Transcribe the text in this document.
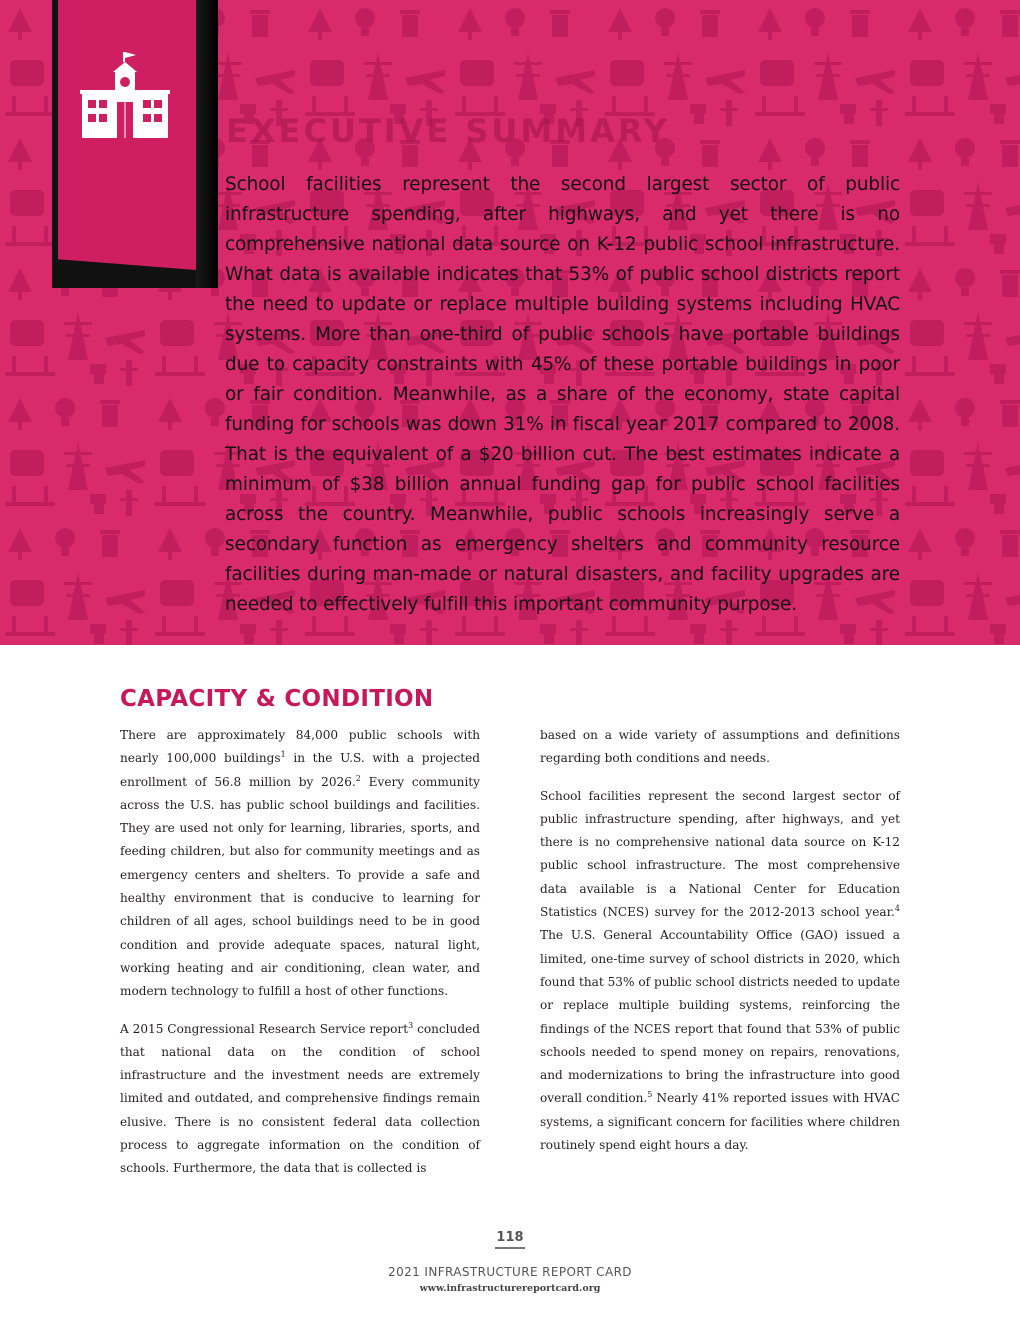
EXECUTIVE SUMMARY

School facilities represent the second largest sector of public infrastructure spending, after highways, and yet there is no comprehensive national data source on K-12 public school infrastructure. What data is available indicates that 53% of public school districts report the need to update or replace multiple building systems including HVAC systems. More than one-third of public schools have portable buildings due to capacity constraints with 45% of these portable buildings in poor or fair condition. Meanwhile, as a share of the economy, state capital funding for schools was down 31% in fiscal year 2017 compared to 2008. That is the equivalent of a $20 billion cut. The best estimates indicate a minimum of $38 billion annual funding gap for public school facilities across the country. Meanwhile, public schools increasingly serve a secondary function as emergency shelters and community resource facilities during man-made or natural disasters, and facility upgrades are needed to effectively fulfill this important community purpose.

CAPACITY & CONDITION

There are approximately 84,000 public schools with nearly 100,000 buildings$^1$ in the U.S. with a projected enrollment of 56.8 million by 2026.$^2$ Every community across the U.S. has public school buildings and facilities. They are used not only for learning, libraries, sports, and feeding children, but also for community meetings and as emergency centers and shelters. To provide a safe and healthy environment that is conducive to learning for children of all ages, school buildings need to be in good condition and provide adequate spaces, natural light, working heating and air conditioning, clean water, and modern technology to fulfill a host of other functions.

A 2015 Congressional Research Service report$^3$ concluded that national data on the condition of school infrastructure and the investment needs are extremely limited and outdated, and comprehensive findings remain elusive. There is no consistent federal data collection process to aggregate information on the condition of schools. Furthermore, the data that is collected is

based on a wide variety of assumptions and definitions regarding both conditions and needs.

School facilities represent the second largest sector of public infrastructure spending, after highways, and yet there is no comprehensive national data source on K-12 public school infrastructure. The most comprehensive data available is a National Center for Education Statistics (NCES) survey for the 2012-2013 school year.$^4$ The U.S. General Accountability Office (GAO) issued a limited, one-time survey of school districts in 2020, which found that 53% of public school districts needed to update or replace multiple building systems, reinforcing the findings of the NCES report that found that 53% of public schools needed to spend money on repairs, renovations, and modernizations to bring the infrastructure into good overall condition.$^5$ Nearly 41% reported issues with HVAC systems, a significant concern for facilities where children routinely spend eight hours a day.

118
2021 INFRASTRUCTURE REPORT CARD
www.infrastructurereportcard.org
